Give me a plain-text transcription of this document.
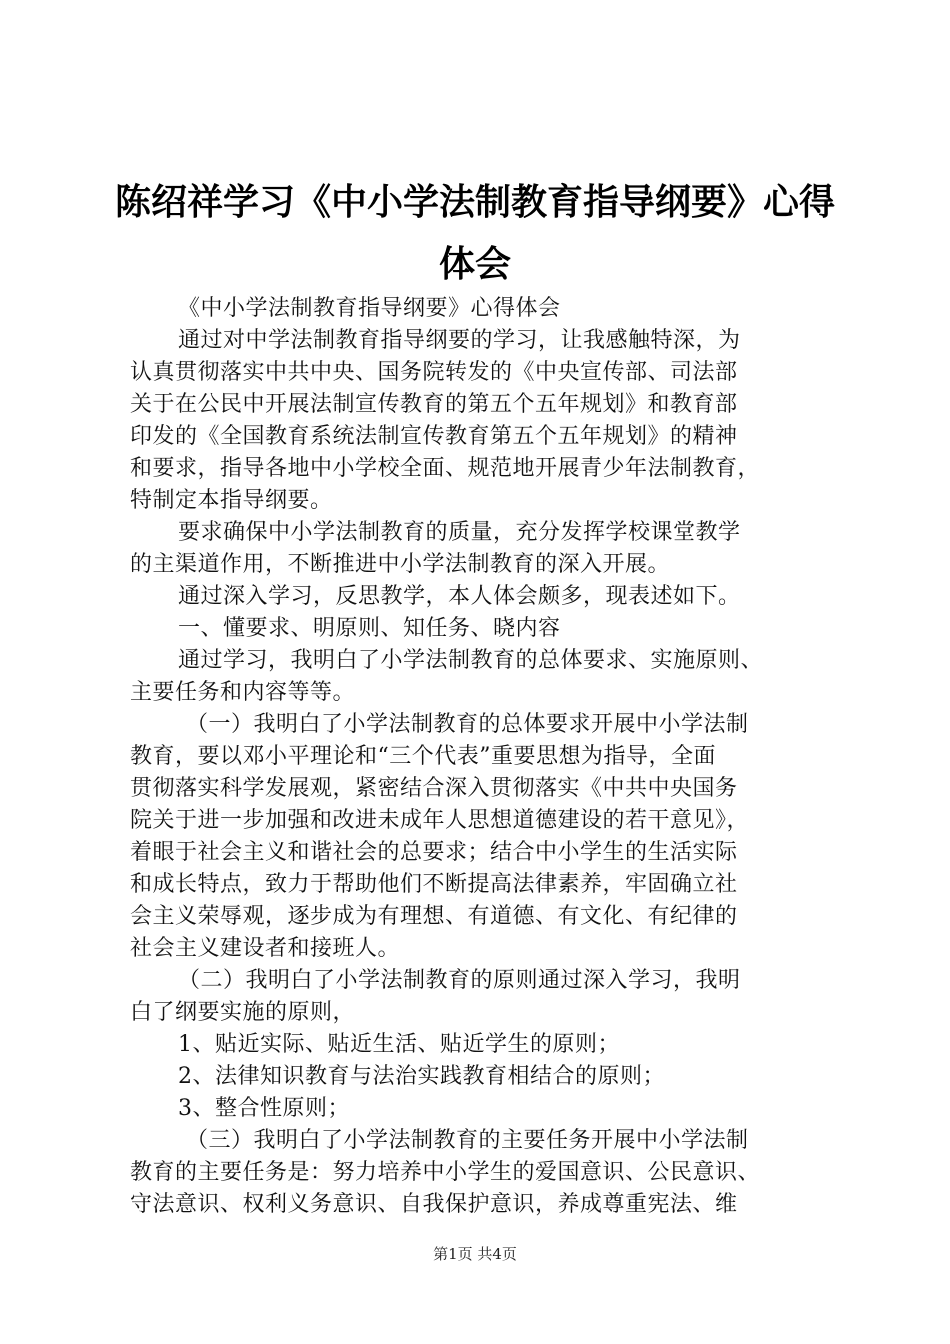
陈绍祥学习《中小学法制教育指导纲要》心得
体会
《中小学法制教育指导纲要》心得体会
通过对中学法制教育指导纲要的学习，让我感触特深，为
认真贯彻落实中共中央、国务院转发的《中央宣传部、司法部
关于在公民中开展法制宣传教育的第五个五年规划》和教育部
印发的《全国教育系统法制宣传教育第五个五年规划》的精神
和要求，指导各地中小学校全面、规范地开展青少年法制教育，
特制定本指导纲要。
要求确保中小学法制教育的质量，充分发挥学校课堂教学
的主渠道作用，不断推进中小学法制教育的深入开展。
通过深入学习，反思教学，本人体会颇多，现表述如下。
一、懂要求、明原则、知任务、晓内容
通过学习，我明白了小学法制教育的总体要求、实施原则、
主要任务和内容等等。
（一）我明白了小学法制教育的总体要求开展中小学法制
教育，要以邓小平理论和“三个代表”重要思想为指导，全面
贯彻落实科学发展观，紧密结合深入贯彻落实《中共中央国务
院关于进一步加强和改进未成年人思想道德建设的若干意见》，
着眼于社会主义和谐社会的总要求；结合中小学生的生活实际
和成长特点，致力于帮助他们不断提高法律素养，牢固确立社
会主义荣辱观，逐步成为有理想、有道德、有文化、有纪律的
社会主义建设者和接班人。
（二）我明白了小学法制教育的原则通过深入学习，我明
白了纲要实施的原则，
1、贴近实际、贴近生活、贴近学生的原则；
2、法律知识教育与法治实践教育相结合的原则；
3、整合性原则；
（三）我明白了小学法制教育的主要任务开展中小学法制
教育的主要任务是：努力培养中小学生的爱国意识、公民意识、
守法意识、权利义务意识、自我保护意识，养成尊重宪法、维
第1页 共4页
